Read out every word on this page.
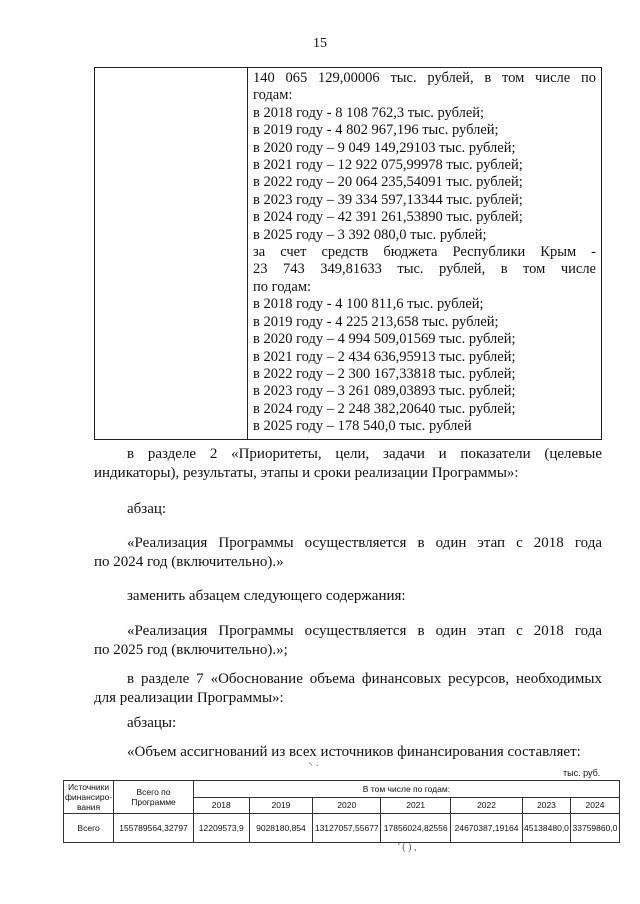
15

140 065 129,00006 тыс. рублей, в том числе по
годам:
в 2018 году - 8 108 762,3 тыс. рублей;
в 2019 году - 4 802 967,196 тыс. рублей;
в 2020 году – 9 049 149,29103 тыс. рублей;
в 2021 году – 12 922 075,99978 тыс. рублей;
в 2022 году – 20 064 235,54091 тыс. рублей;
в 2023 году – 39 334 597,13344 тыс. рублей;
в 2024 году – 42 391 261,53890 тыс. рублей;
в 2025 году – 3 392 080,0 тыс. рублей;
за счет средств бюджета Республики Крым -
23 743 349,81633 тыс. рублей, в том числе
по годам:
в 2018 году - 4 100 811,6 тыс. рублей;
в 2019 году - 4 225 213,658 тыс. рублей;
в 2020 году – 4 994 509,01569 тыс. рублей;
в 2021 году – 2 434 636,95913 тыс. рублей;
в 2022 году – 2 300 167,33818 тыс. рублей;
в 2023 году – 3 261 089,03893 тыс. рублей;
в 2024 году – 2 248 382,20640 тыс. рублей;
в 2025 году – 178 540,0 тыс. рублей
в разделе 2 «Приоритеты, цели, задачи и показатели (целевые
индикаторы), результаты, этапы и сроки реализации Программы»:
абзац:
«Реализация Программы осуществляется в один этап с 2018 года
по 2024 год (включительно).»
заменить абзацем следующего содержания:
«Реализация Программы осуществляется в один этап с 2018 года
по 2025 год (включительно).»;
в разделе 7 «Обоснование объема финансовых ресурсов, необходимых
для реализации Программы»:
абзацы:
«Объем ассигнований из всех источников финансирования составляет:
⸌ ·
тыс. руб.
Источники финансиро-вания	Всего по Программе	В том числе по годам:						
		2018	2019	2020	2021	2022	2023	2024
Всего	155789564,32797	12209573,9	9028180,854	13127057,55677	17856024,82556	24670387,19164	45138480,0	33759860,0
' ( ) ,
